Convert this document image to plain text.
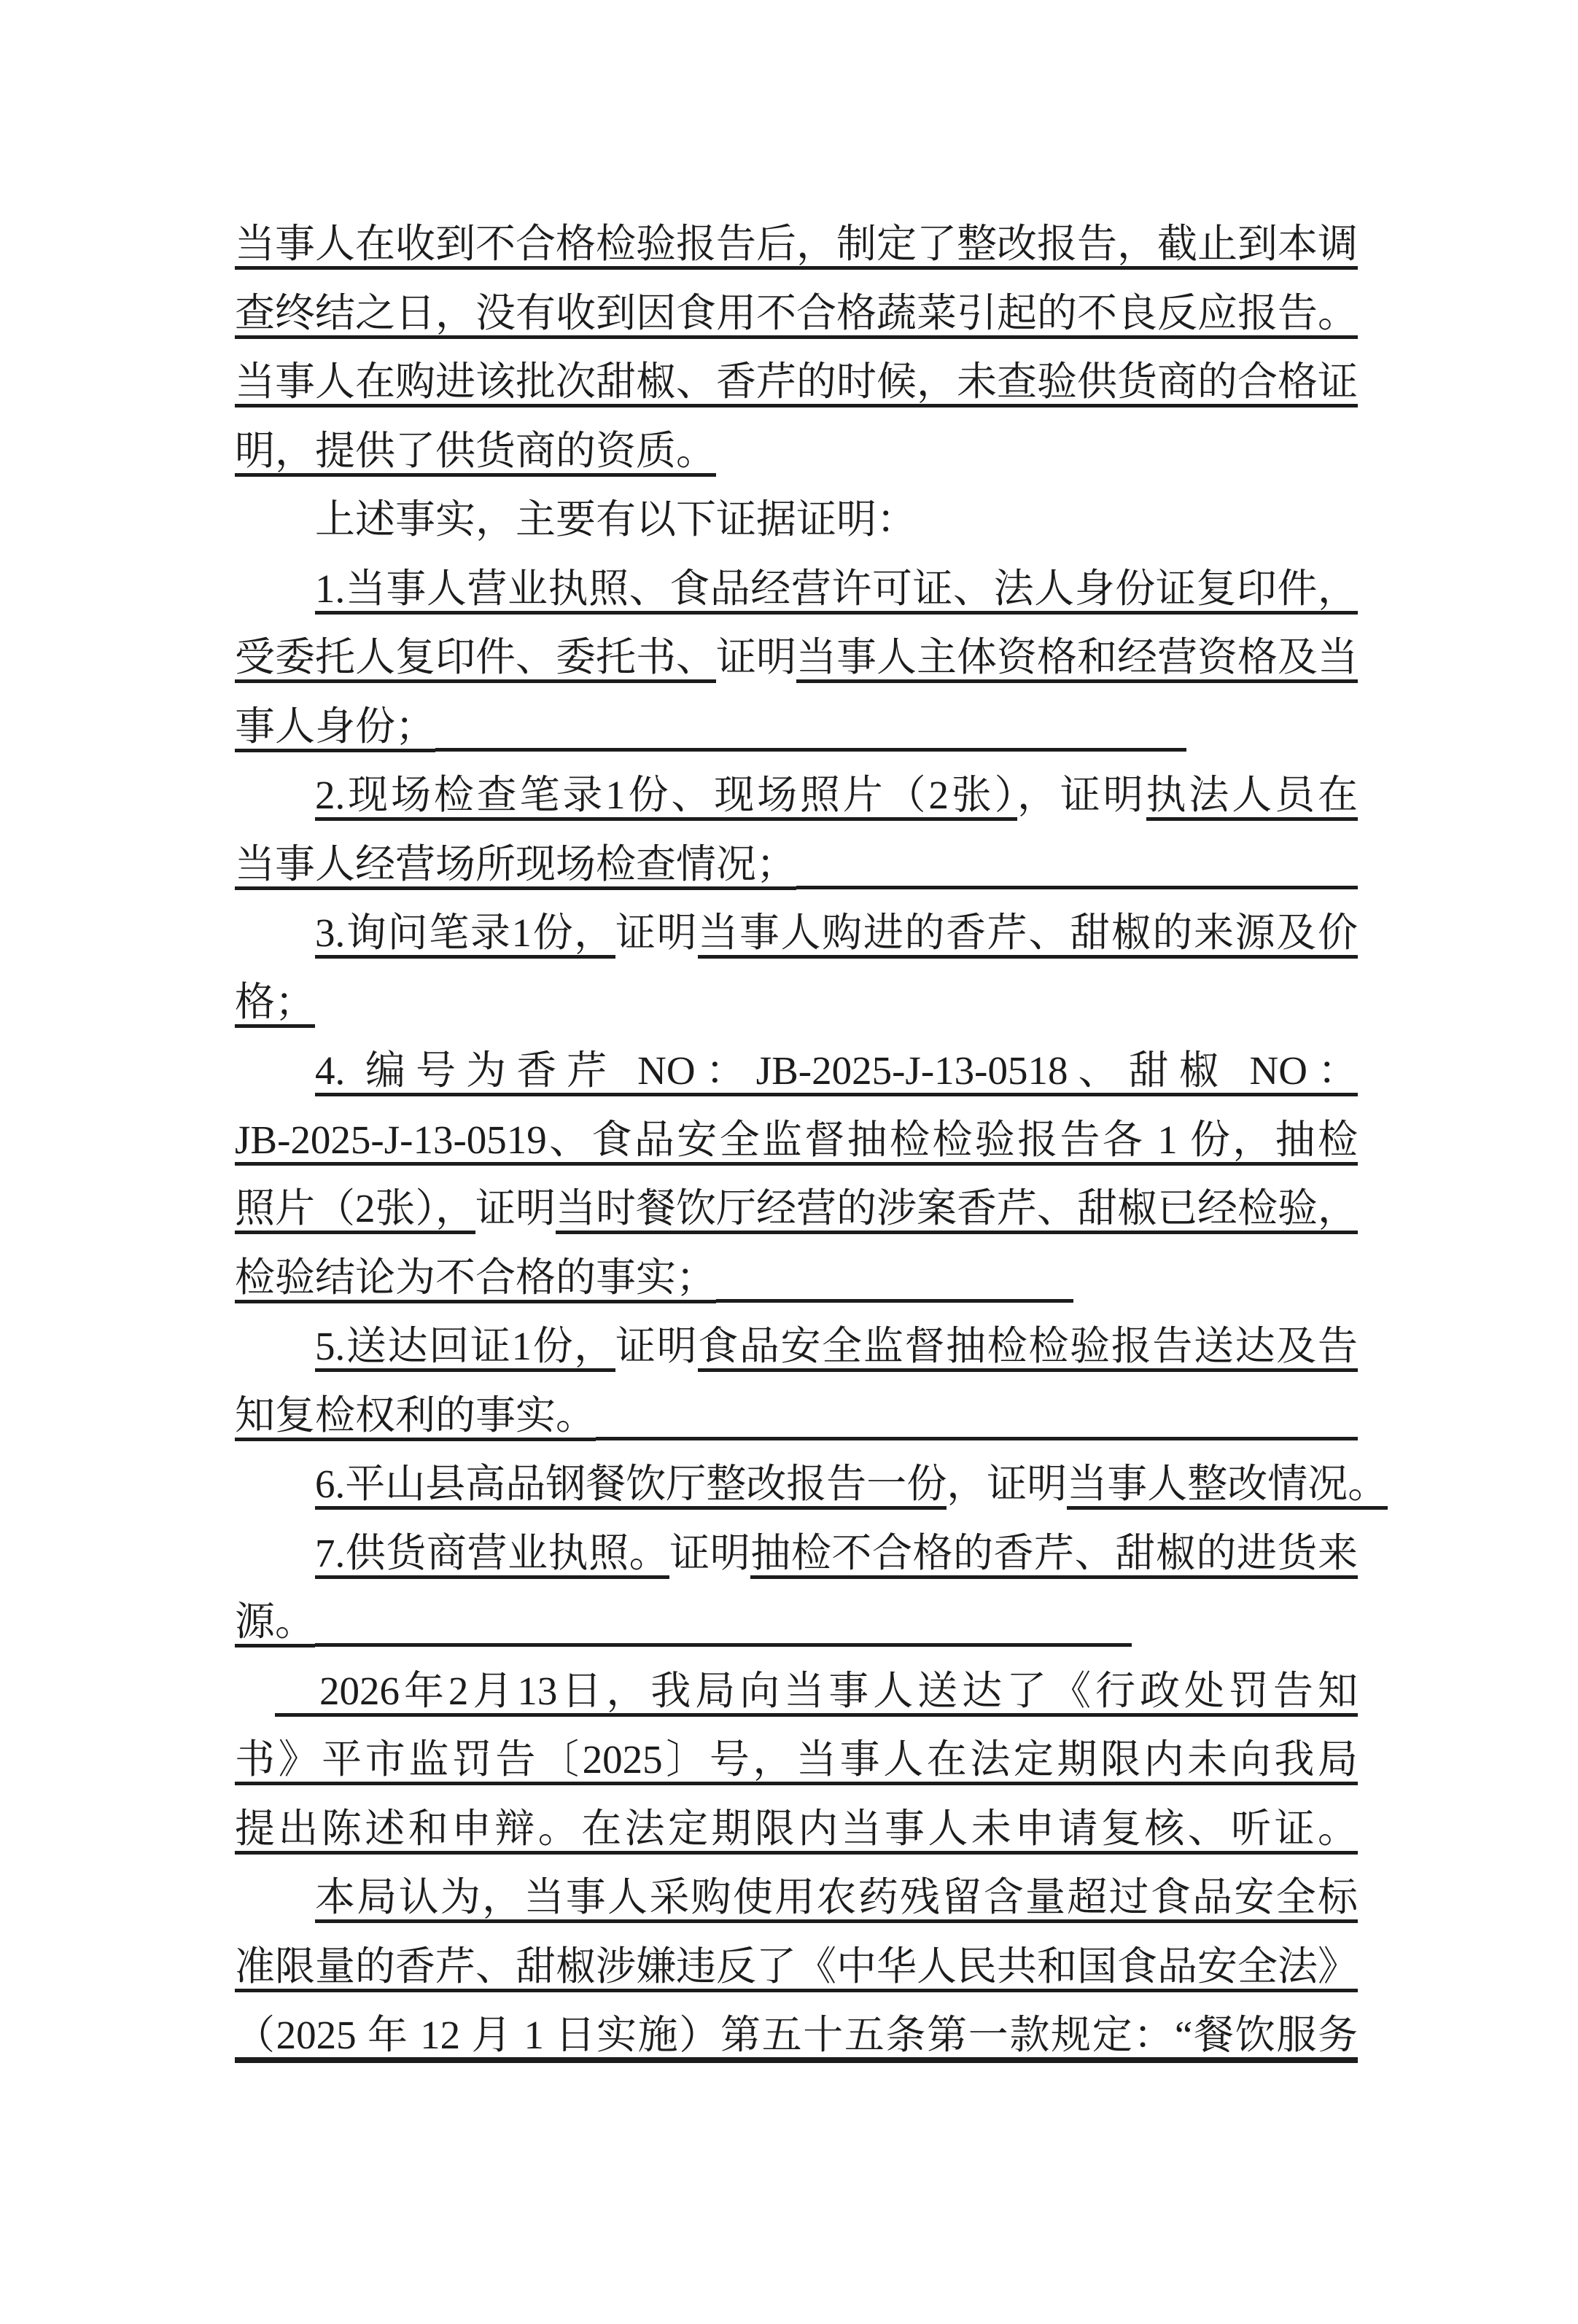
当事人在收到不合格检验报告后，制定了整改报告，截止到本调
查终结之日，没有收到因食用不合格蔬菜引起的不良反应报告。
当事人在购进该批次甜椒、香芹的时候，未查验供货商的合格证
明，提供了供货商的资质。
上述事实，主要有以下证据证明：
1.当事人营业执照、食品经营许可证、法人身份证复印件，
受委托人复印件、委托书、证明当事人主体资格和经营资格及当
事人身份；
2.现场检查笔录1份、现场照片（2张），证明执法人员在
当事人经营场所现场检查情况；
3.询问笔录1份，证明当事人购进的香芹、甜椒的来源及价
格；
4. 编号为香芹 NO：JB-2025-J-13-0518、甜椒 NO：
JB-2025-J-13-0519、食品安全监督抽检检验报告各 1 份，抽检
照片（2张），证明当时餐饮厅经营的涉案香芹、甜椒已经检验，
检验结论为不合格的事实；
5.送达回证1份，证明食品安全监督抽检检验报告送达及告
知复检权利的事实。
6.平山县高品钢餐饮厅整改报告一份，证明当事人整改情况。
7.供货商营业执照。证明抽检不合格的香芹、甜椒的进货来
源。
　2026年2月13日，我局向当事人送达了《行政处罚告知
书》平市监罚告〔2025〕号，当事人在法定期限内未向我局
提出陈述和申辩。在法定期限内当事人未申请复核、听证。
本局认为，当事人采购使用农药残留含量超过食品安全标
准限量的香芹、甜椒涉嫌违反了《中华人民共和国食品安全法》
（2025 年 12 月 1 日实施）第五十五条第一款规定：“餐饮服务
